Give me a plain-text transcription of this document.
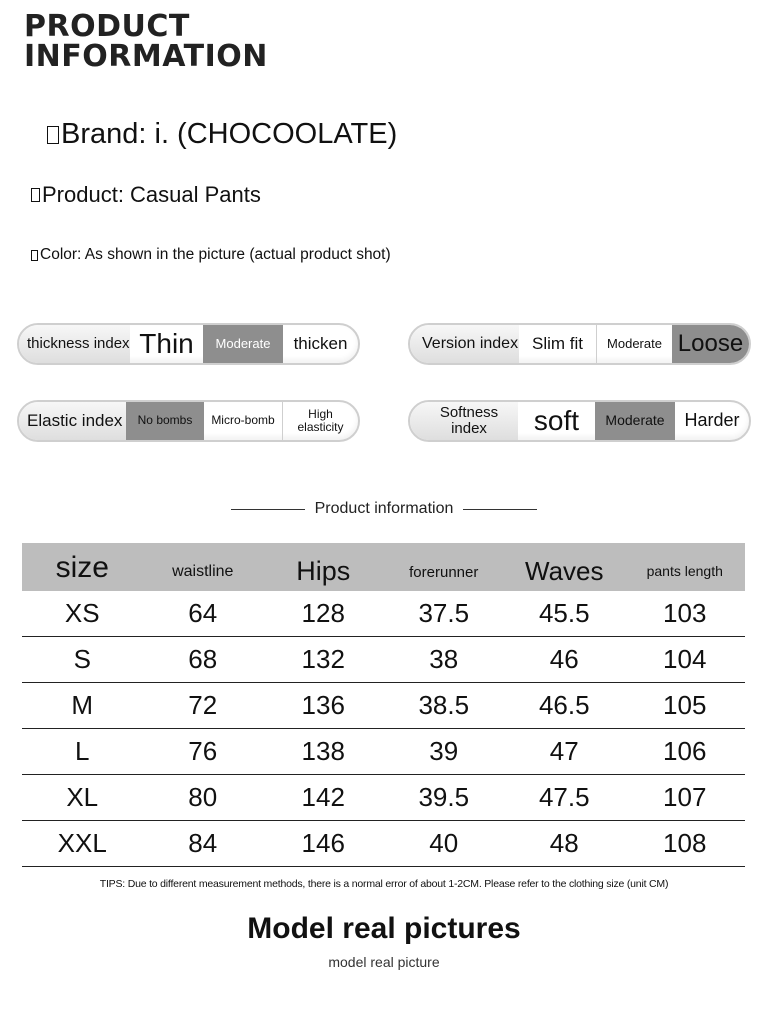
PRODUCT
INFORMATION
Brand: i. (CHOCOOLATE)
Product: Casual Pants
Color: As shown in the picture (actual product shot)
thickness index Thin	Moderate	thicken	Version index Slim fit	Moderate Loose
Elastic index	No bombs	Micro-bomb	High elasticity
Softness index	soft	Moderate	Harder
Product information
size	waistline	Hips	forerunner	Waves	pants length
XS	64	128	37.5	45.5	103
S	68	132	38	46	104
M	72	136	38.5	46.5	105
L	76	138	39	47	106
XL	80	142	39.5	47.5	107
XXL	84	146	40	48	108
TIPS: Due to different measurement methods, there is a normal error of about 1-2CM. Please refer to the clothing size (unit CM)
Model real pictures
model real picture
